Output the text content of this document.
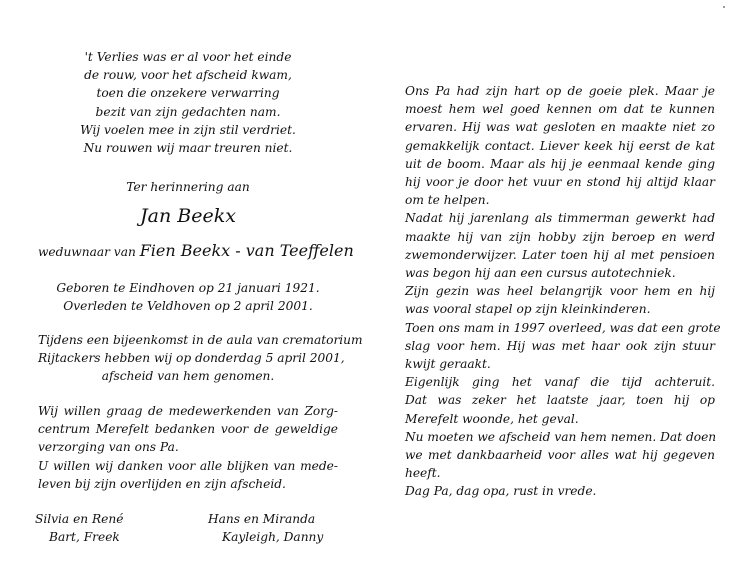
't Verlies was er al voor het einde
de rouw, voor het afscheid kwam,
toen die onzekere verwarring
bezit van zijn gedachten nam.
Wij voelen mee in zijn stil verdriet.
Nu rouwen wij maar treuren niet.
Ter herinnering aan
Jan Beekx
weduwnaar van Fien Beekx - van Teeffelen
Geboren te Eindhoven op 21 januari 1921.
Overleden te Veldhoven op 2 april 2001.
Tijdens een bijeenkomst in de aula van crematorium
Rijtackers hebben wij op donderdag 5 april 2001,
afscheid van hem genomen.
Wij willen graag de medewerkenden van Zorg-
centrum Merefelt bedanken voor de geweldige
verzorging van ons Pa.
U willen wij danken voor alle blijken van mede-
leven bij zijn overlijden en zijn afscheid.
Silvia en René
Bart, Freek
Hans en Miranda
Kayleigh, Danny
Ons Pa had zijn hart op de goeie plek. Maar je
moest hem wel goed kennen om dat te kunnen
ervaren. Hij was wat gesloten en maakte niet zo
gemakkelijk contact. Liever keek hij eerst de kat
uit de boom. Maar als hij je eenmaal kende ging
hij voor je door het vuur en stond hij altijd klaar
om te helpen.
Nadat hij jarenlang als timmerman gewerkt had
maakte hij van zijn hobby zijn beroep en werd
zwemonderwijzer. Later toen hij al met pensioen
was begon hij aan een cursus autotechniek.
Zijn gezin was heel belangrijk voor hem en hij
was vooral stapel op zijn kleinkinderen.
Toen ons mam in 1997 overleed, was dat een grote
slag voor hem. Hij was met haar ook zijn stuur
kwijt geraakt.
Eigenlijk ging het vanaf die tijd achteruit.
Dat was zeker het laatste jaar, toen hij op
Merefelt woonde, het geval.
Nu moeten we afscheid van hem nemen. Dat doen
we met dankbaarheid voor alles wat hij gegeven
heeft.
Dag Pa, dag opa, rust in vrede.
